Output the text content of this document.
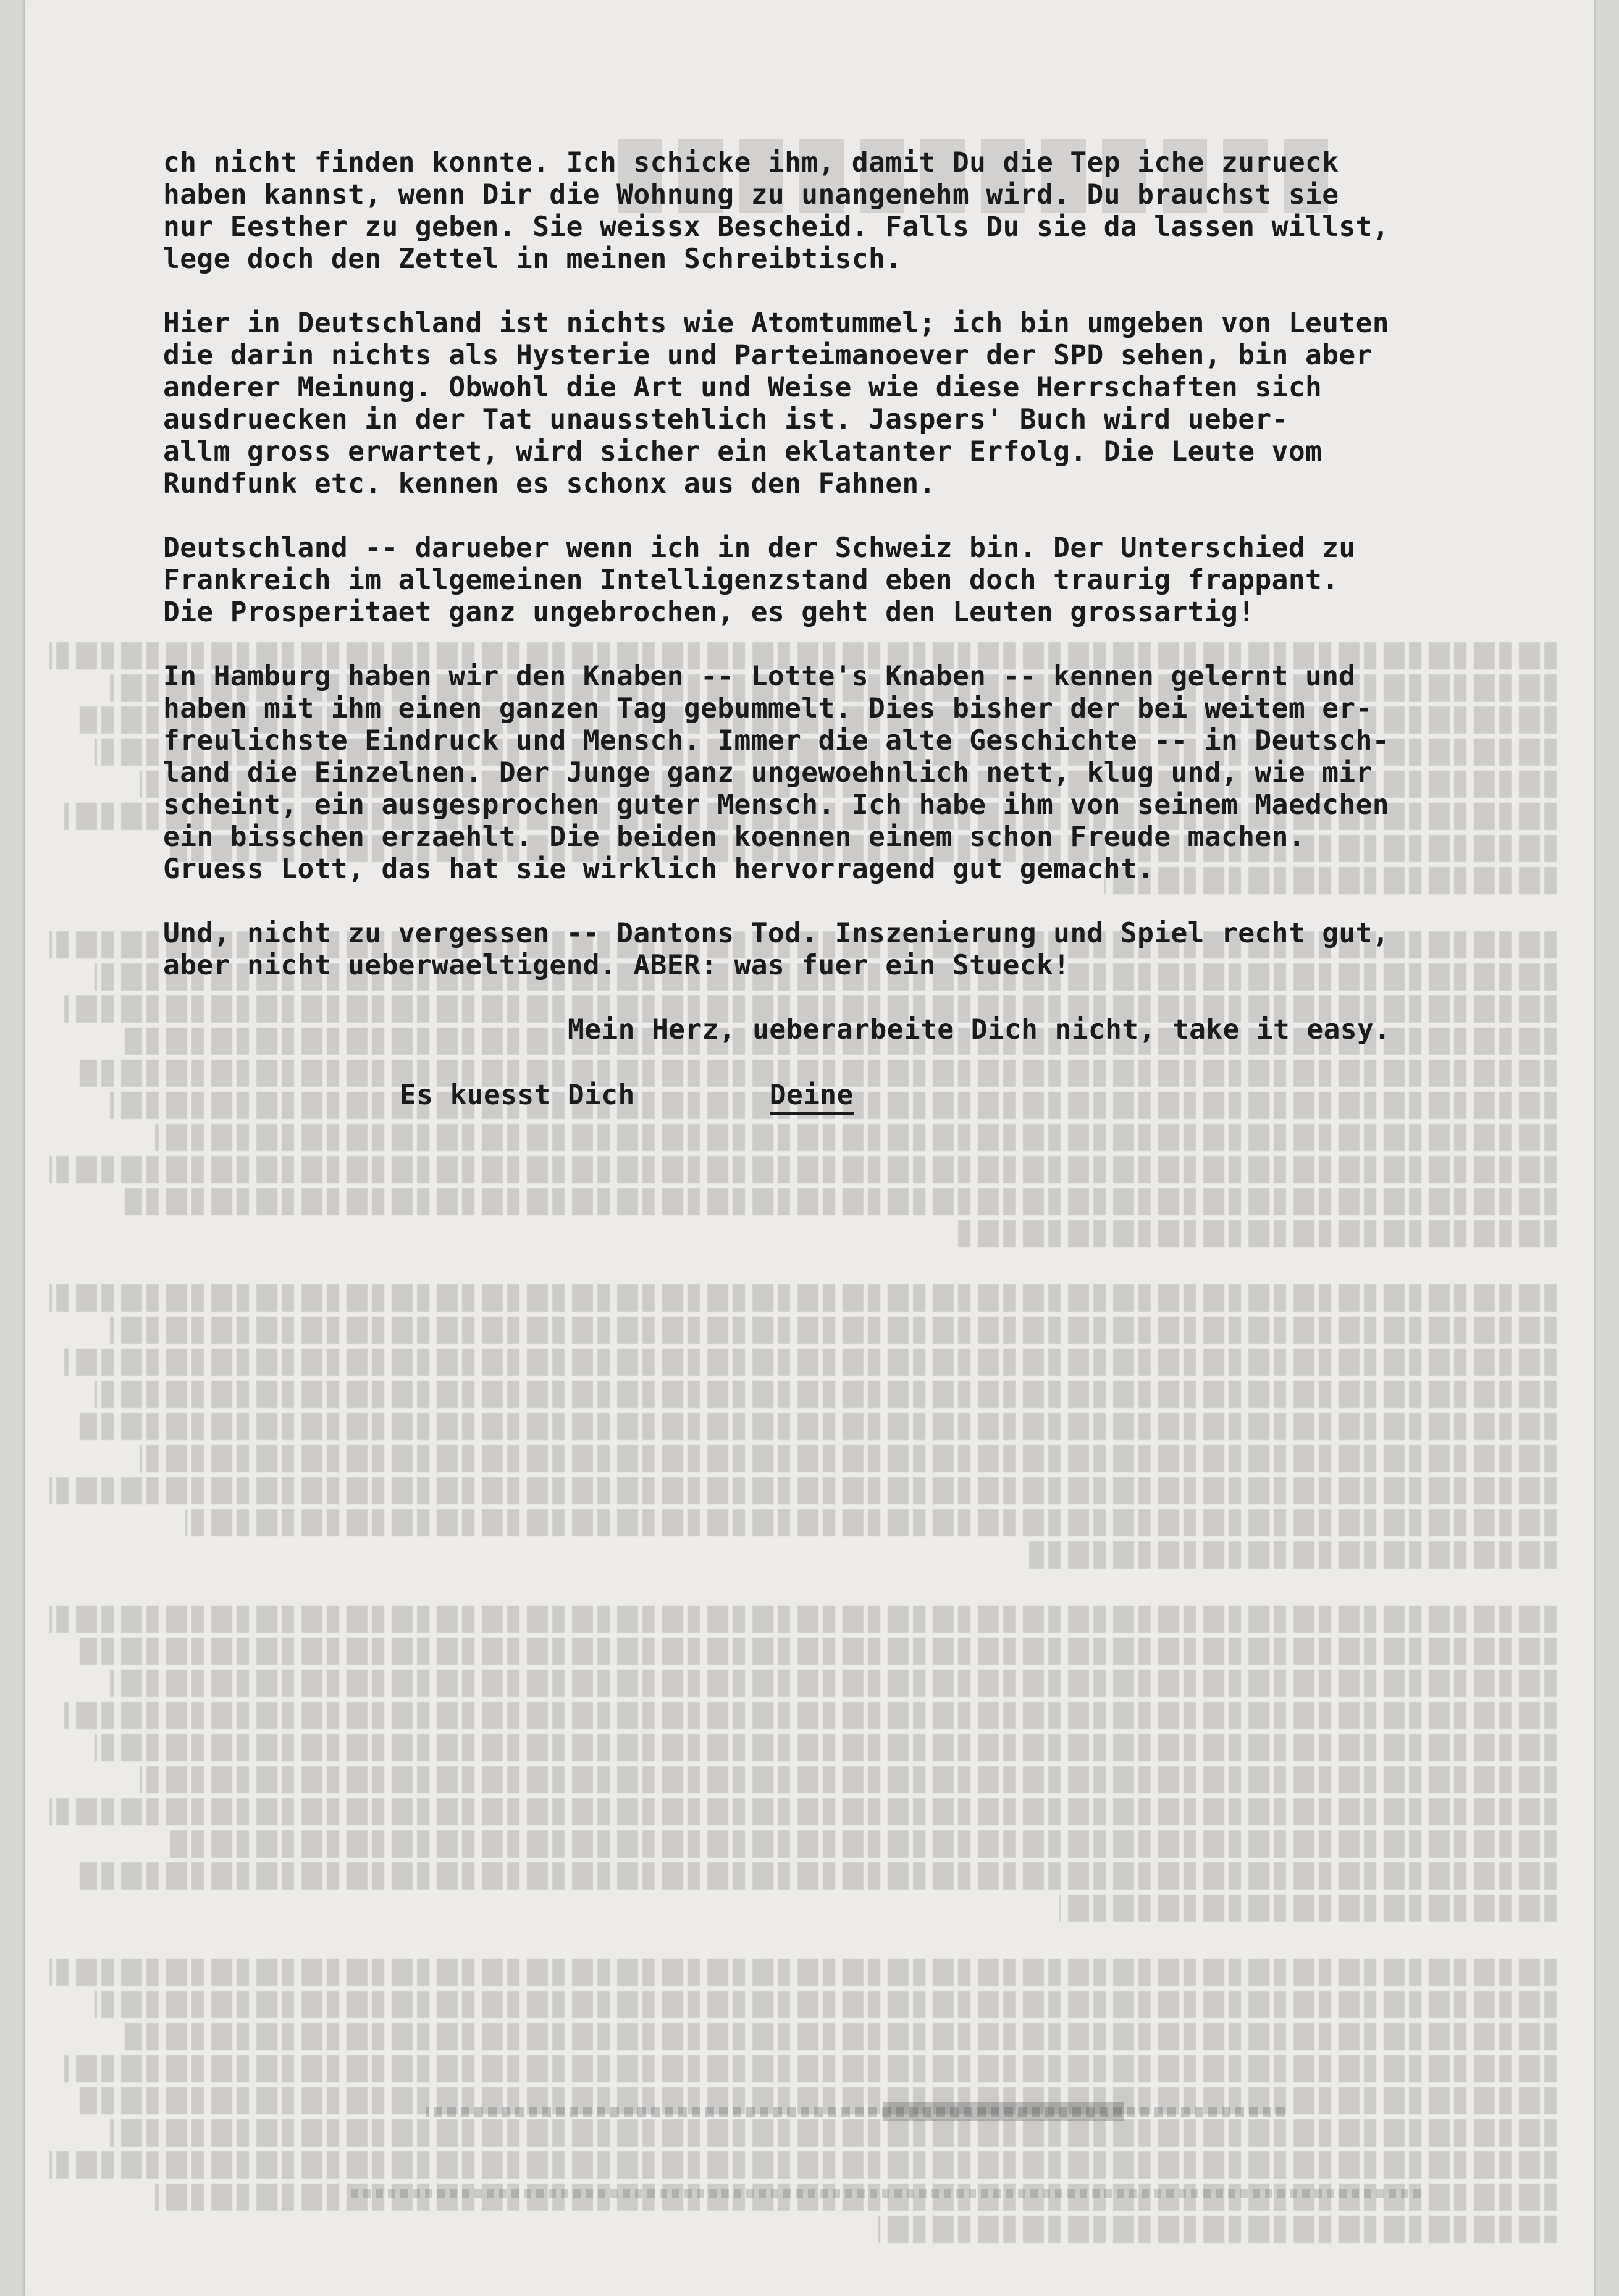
ch nicht finden konnte. Ich schicke ihm, damit Du die Tep iche zurueck
haben kannst, wenn Dir die Wohnung zu unangenehm wird. Du brauchst sie
nur Eesther zu geben. Sie weissx Bescheid. Falls Du sie da lassen willst,
lege doch den Zettel in meinen Schreibtisch.
Hier in Deutschland ist nichts wie Atomtummel; ich bin umgeben von Leuten
die darin nichts als Hysterie und Parteimanoever der SPD sehen, bin aber
anderer Meinung. Obwohl die Art und Weise wie diese Herrschaften sich
ausdruecken in der Tat unausstehlich ist. Jaspers' Buch wird ueber-
allm gross erwartet, wird sicher ein eklatanter Erfolg. Die Leute vom
Rundfunk etc. kennen es schonx aus den Fahnen.
Deutschland -- darueber wenn ich in der Schweiz bin. Der Unterschied zu
Frankreich im allgemeinen Intelligenzstand eben doch traurig frappant.
Die Prosperitaet ganz ungebrochen, es geht den Leuten grossartig!
In Hamburg haben wir den Knaben -- Lotte's Knaben -- kennen gelernt und
haben mit ihm einen ganzen Tag gebummelt. Dies bisher der bei weitem er-
freulichste Eindruck und Mensch. Immer die alte Geschichte -- in Deutsch-
land die Einzelnen. Der Junge ganz ungewoehnlich nett, klug und, wie mir
scheint, ein ausgesprochen guter Mensch. Ich habe ihm von seinem Maedchen
ein bisschen erzaehlt. Die beiden koennen einem schon Freude machen.
Gruess Lott, das hat sie wirklich hervorragend gut gemacht.
Und, nicht zu vergessen -- Dantons Tod. Inszenierung und Spiel recht gut,
aber nicht ueberwaeltigend. ABER: was fuer ein Stueck!
Mein Herz, ueberarbeite Dich nicht, take it easy.
Es kuesst Dich	Deine
